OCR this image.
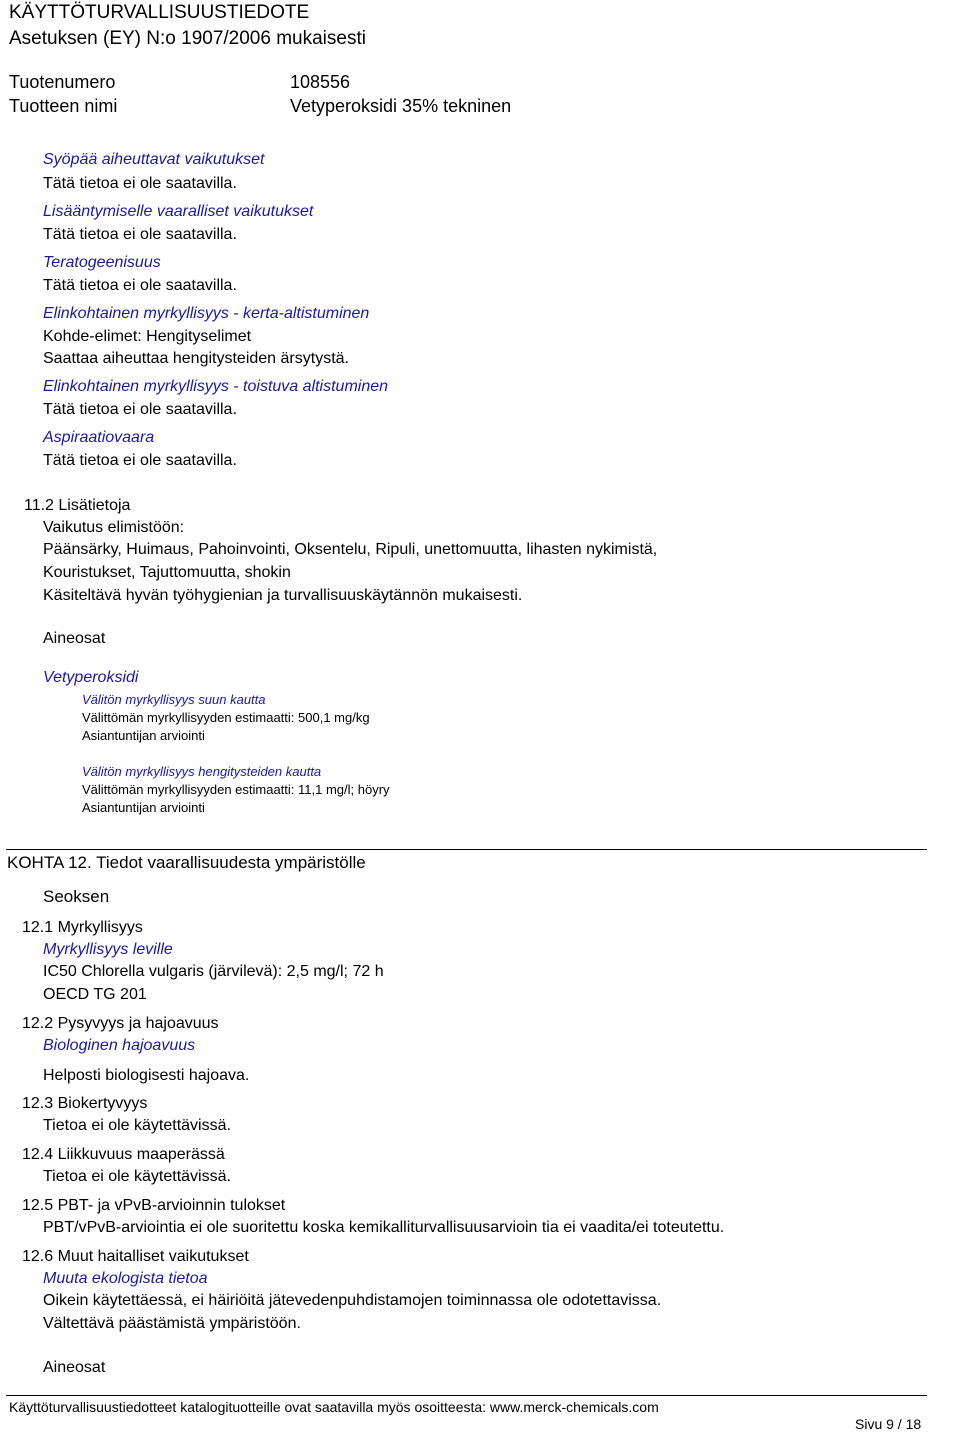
KÄYTTÖTURVALLISUUSTIEDOTE
Asetuksen (EY) N:o 1907/2006 mukaisesti
Tuotenumero	108556
Tuotteen nimi	Vetyperoksidi 35% tekninen
Syöpää aiheuttavat vaikutukset
Tätä tietoa ei ole saatavilla.
Lisääntymiselle vaaralliset vaikutukset
Tätä tietoa ei ole saatavilla.
Teratogeenisuus
Tätä tietoa ei ole saatavilla.
Elinkohtainen myrkyllisyys - kerta-altistuminen
Kohde-elimet: Hengityselimet
Saattaa aiheuttaa hengitysteiden ärsytystä.
Elinkohtainen myrkyllisyys - toistuva altistuminen
Tätä tietoa ei ole saatavilla.
Aspiraatiovaara
Tätä tietoa ei ole saatavilla.
11.2 Lisätietoja
Vaikutus elimistöön:
Päänsärky, Huimaus, Pahoinvointi, Oksentelu, Ripuli, unettomuutta, lihasten nykimistä,
Kouristukset, Tajuttomuutta, shokin
Käsiteltävä hyvän työhygienian ja turvallisuuskäytännön mukaisesti.
Aineosat
Vetyperoksidi
Välitön myrkyllisyys suun kautta
Välittömän myrkyllisyyden estimaatti: 500,1 mg/kg
Asiantuntijan arviointi
Välitön myrkyllisyys hengitysteiden kautta
Välittömän myrkyllisyyden estimaatti: 11,1 mg/l; höyry
Asiantuntijan arviointi
KOHTA 12. Tiedot vaarallisuudesta ympäristölle
Seoksen
12.1 Myrkyllisyys
Myrkyllisyys leville
IC50 Chlorella vulgaris (järvilevä): 2,5 mg/l; 72 h
OECD TG 201
12.2 Pysyvyys ja hajoavuus
Biologinen hajoavuus
Helposti biologisesti hajoava.
12.3 Biokertyvyys
Tietoa ei ole käytettävissä.
12.4 Liikkuvuus maaperässä
Tietoa ei ole käytettävissä.
12.5 PBT- ja vPvB-arvioinnin tulokset
PBT/vPvB-arviointia ei ole suoritettu koska kemikalliturvallisuusarvioin tia ei vaadita/ei toteutettu.
12.6 Muut haitalliset vaikutukset
Muuta ekologista tietoa
Oikein käytettäessä, ei häiriöitä jätevedenpuhdistamojen toiminnassa ole odotettavissa.
Vältettävä päästämistä ympäristöön.
Aineosat
Käyttöturvallisuustiedotteet katalogituotteille ovat saatavilla myös osoitteesta: www.merck-chemicals.com
Sivu 9 / 18
